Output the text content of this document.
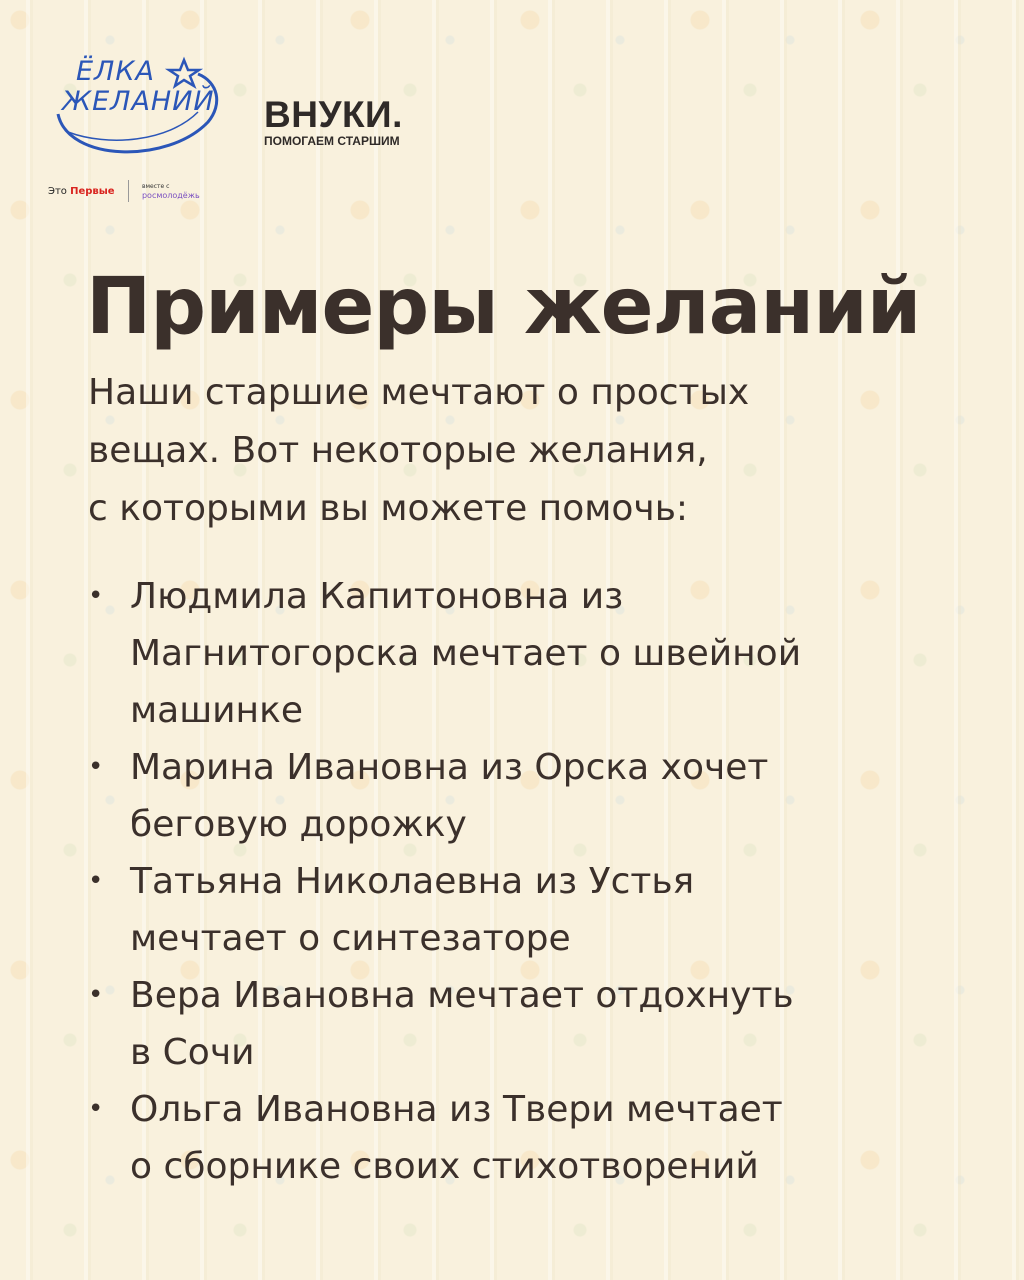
ЁЛКА
ЖЕЛАНИЙ
Это Первые	вместе с
росмолодёжь
ВНУКИ.
ПОМОГАЕМ СТАРШИМ
Примеры желаний
Наши старшие мечтают о простых
вещах. Вот некоторые желания,
с которыми вы можете помочь:
• Людмила Капитоновна из
Магнитогорска мечтает о швейной
машинке
• Марина Ивановна из Орска хочет
беговую дорожку
• Татьяна Николаевна из Устья
мечтает о синтезаторе
• Вера Ивановна мечтает отдохнуть
в Сочи
• Ольга Ивановна из Твери мечтает
о сборнике своих стихотворений
